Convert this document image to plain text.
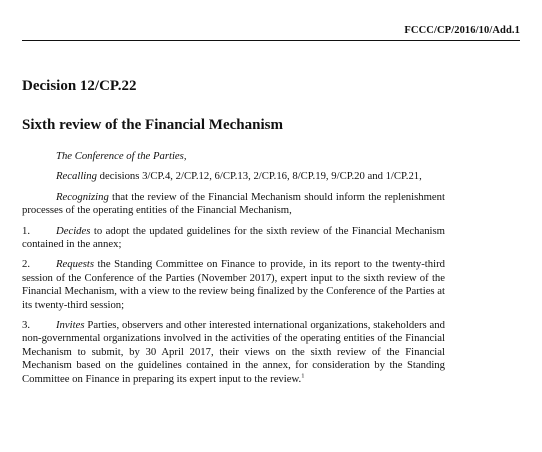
FCCC/CP/2016/10/Add.1
Decision 12/CP.22
Sixth review of the Financial Mechanism

The Conference of the Parties,

Recalling decisions 3/CP.4, 2/CP.12, 6/CP.13, 2/CP.16, 8/CP.19, 9/CP.20 and 1/CP.21,

Recognizing that the review of the Financial Mechanism should inform the replenishment processes of the operating entities of the Financial Mechanism,

1. Decides to adopt the updated guidelines for the sixth review of the Financial Mechanism contained in the annex;

2. Requests the Standing Committee on Finance to provide, in its report to the twenty-third session of the Conference of the Parties (November 2017), expert input to the sixth review of the Financial Mechanism, with a view to the review being finalized by the Conference of the Parties at its twenty-third session;

3. Invites Parties, observers and other interested international organizations, stakeholders and non-governmental organizations involved in the activities of the operating entities of the Financial Mechanism to submit, by 30 April 2017, their views on the sixth review of the Financial Mechanism based on the guidelines contained in the annex, for consideration by the Standing Committee on Finance in preparing its expert input to the review.$^1$
